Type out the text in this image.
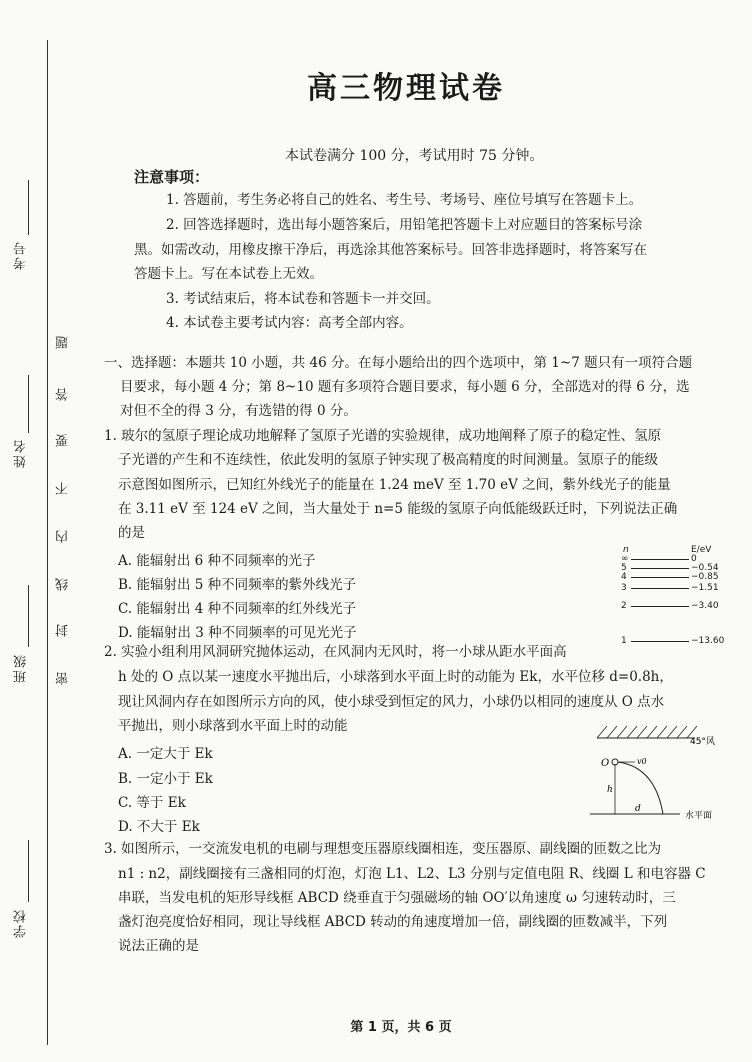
考号
姓名
班级
学校
题
答
要
不
内
线
封
密
高三物理试卷
本试卷满分 100 分，考试用时 75 分钟。
注意事项：
1. 答题前，考生务必将自己的姓名、考生号、考场号、座位号填写在答题卡上。
2. 回答选择题时，选出每小题答案后，用铅笔把答题卡上对应题目的答案标号涂
黑。如需改动，用橡皮擦干净后，再选涂其他答案标号。回答非选择题时，将答案写在
答题卡上。写在本试卷上无效。
3. 考试结束后，将本试卷和答题卡一并交回。
4. 本试卷主要考试内容：高考全部内容。
一、选择题：本题共 10 小题，共 46 分。在每小题给出的四个选项中，第 1~7 题只有一项符合题
目要求，每小题 4 分；第 8~10 题有多项符合题目要求，每小题 6 分，全部选对的得 6 分，选
对但不全的得 3 分，有选错的得 0 分。
1. 玻尔的氢原子理论成功地解释了氢原子光谱的实验规律，成功地阐释了原子的稳定性、氢原
子光谱的产生和不连续性，依此发明的氢原子钟实现了极高精度的时间测量。氢原子的能级
示意图如图所示，已知红外线光子的能量在 1.24 meV 至 1.70 eV 之间，紫外线光子的能量
在 3.11 eV 至 124 eV 之间，当大量处于 n=5 能级的氢原子向低能级跃迁时，下列说法正确
的是
A. 能辐射出 6 种不同频率的光子
B. 能辐射出 5 种不同频率的紫外线光子
C. 能辐射出 4 种不同频率的红外线光子
D. 能辐射出 3 种不同频率的可见光光子
n	E/eV
∞	0
5	−0.54
4	−0.85
3	−1.51
2	−3.40
1	−13.60
2. 实验小组利用风洞研究抛体运动，在风洞内无风时，将一小球从距水平面高
h 处的 O 点以某一速度水平抛出后，小球落到水平面上时的动能为 Ek，水平位移 d=0.8h，
现让风洞内存在如图所示方向的风，使小球受到恒定的风力，小球仍以相同的速度从 O 点水
平抛出，则小球落到水平面上时的动能
A. 一定大于 Ek
B. 一定小于 Ek
C. 等于 Ek
D. 不大于 Ek
O	v0
h
d
45°风
水平面
3. 如图所示，一交流发电机的电刷与理想变压器原线圈相连，变压器原、副线圈的匝数之比为
n1 : n2，副线圈接有三盏相同的灯泡，灯泡 L1、L2、L3 分别与定值电阻 R、线圈 L 和电容器 C
串联，当发电机的矩形导线框 ABCD 绕垂直于匀强磁场的轴 OO′以角速度 ω 匀速转动时，三
盏灯泡亮度恰好相同，现让导线框 ABCD 转动的角速度增加一倍，副线圈的匝数减半，下列
说法正确的是
第 1 页，共 6 页
